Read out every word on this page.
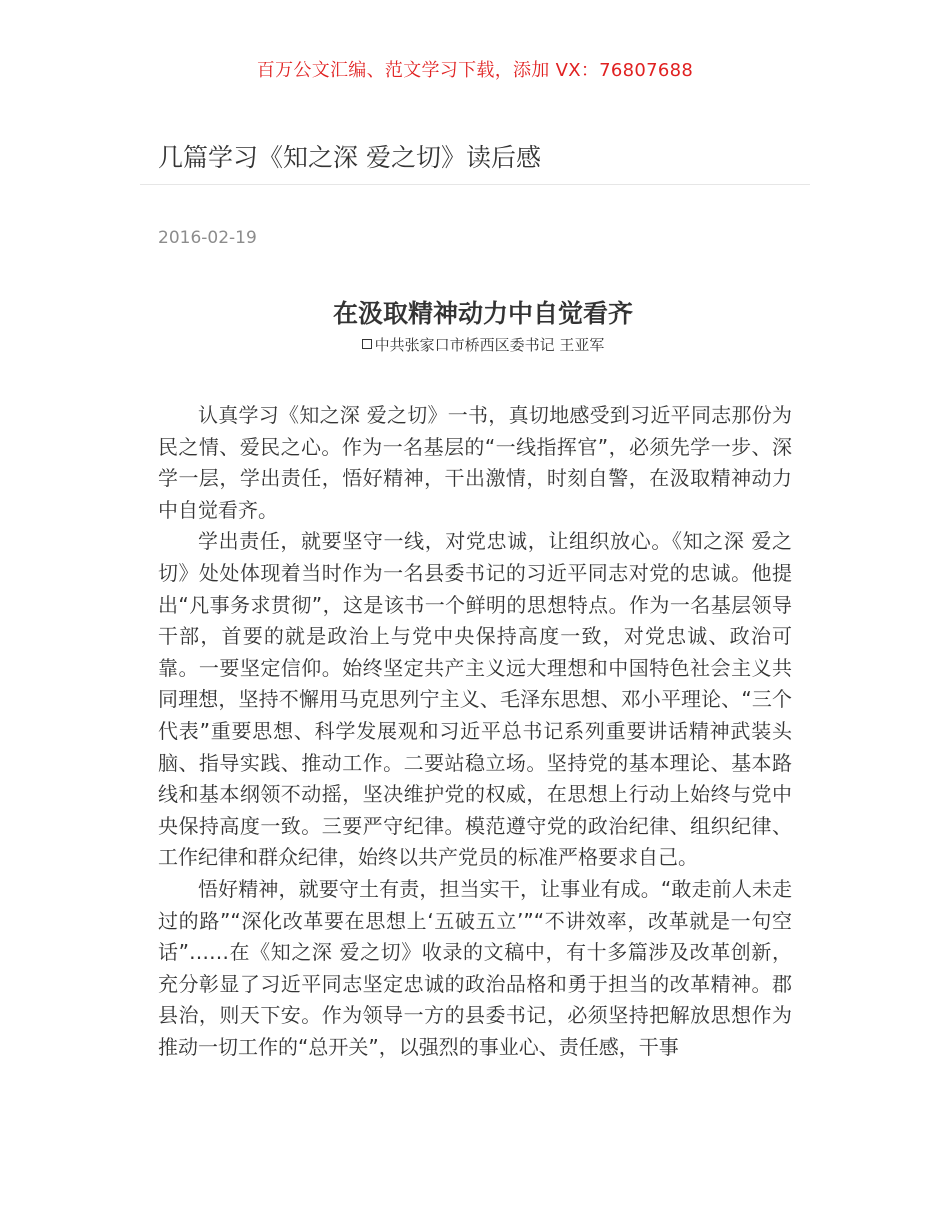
百万公文汇编、范文学习下载，添加 VX：76807688
几篇学习《知之深 爱之切》读后感
2016-02-19
在汲取精神动力中自觉看齐
中共张家口市桥西区委书记 王亚军

认真学习《知之深 爱之切》一书，真切地感受到习近平同志那份为民之情、爱民之心。作为一名基层的“一线指挥官”，必须先学一步、深学一层，学出责任，悟好精神，干出激情，时刻自警，在汲取精神动力中自觉看齐。

学出责任，就要坚守一线，对党忠诚，让组织放心。《知之深 爱之切》处处体现着当时作为一名县委书记的习近平同志对党的忠诚。他提出“凡事务求贯彻”，这是该书一个鲜明的思想特点。作为一名基层领导干部，首要的就是政治上与党中央保持高度一致，对党忠诚、政治可靠。一要坚定信仰。始终坚定共产主义远大理想和中国特色社会主义共同理想，坚持不懈用马克思列宁主义、毛泽东思想、邓小平理论、“三个代表”重要思想、科学发展观和习近平总书记系列重要讲话精神武装头脑、指导实践、推动工作。二要站稳立场。坚持党的基本理论、基本路线和基本纲领不动摇，坚决维护党的权威，在思想上行动上始终与党中央保持高度一致。三要严守纪律。模范遵守党的政治纪律、组织纪律、工作纪律和群众纪律，始终以共产党员的标准严格要求自己。

悟好精神，就要守土有责，担当实干，让事业有成。“敢走前人未走过的路”“深化改革要在思想上‘五破五立’”“不讲效率，改革就是一句空话”……在《知之深 爱之切》收录的文稿中，有十多篇涉及改革创新，充分彰显了习近平同志坚定忠诚的政治品格和勇于担当的改革精神。郡县治，则天下安。作为领导一方的县委书记，必须坚持把解放思想作为推动一切工作的“总开关”，以强烈的事业心、责任感，干事
